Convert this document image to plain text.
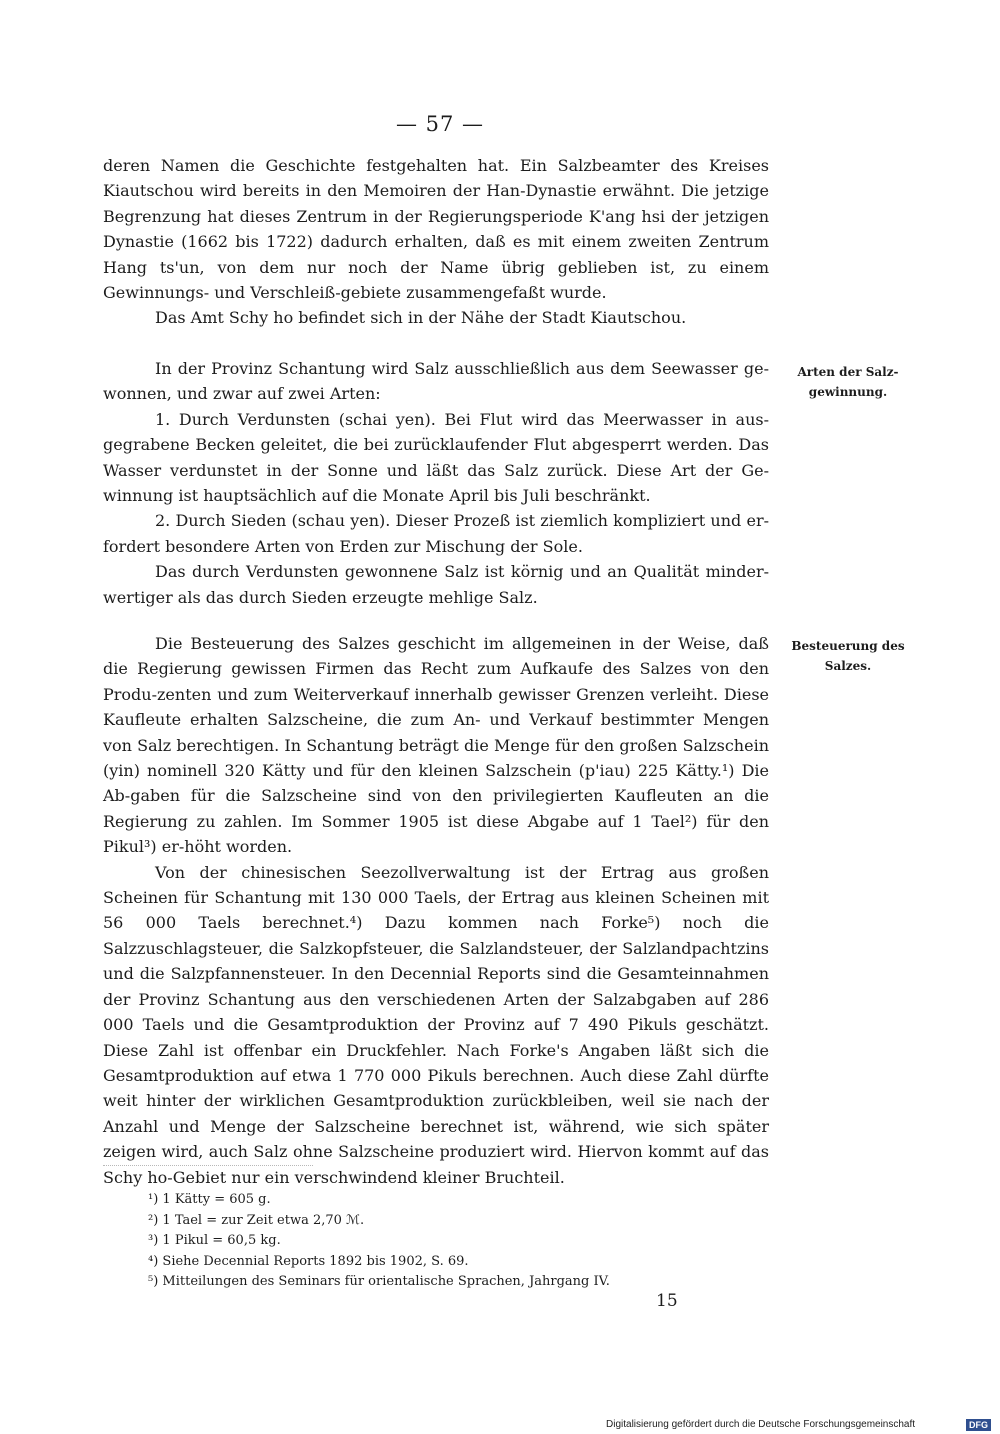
— 57 —

deren Namen die Geschichte festgehalten hat. Ein Salzbeamter des Kreises Kiautschou wird bereits in den Memoiren der Han-Dynastie erwähnt. Die jetzige Begrenzung hat dieses Zentrum in der Regierungsperiode K'ang hsi der jetzigen Dynastie (1662 bis 1722) dadurch erhalten, daß es mit einem zweiten Zentrum Hang ts'un, von dem nur noch der Name übrig geblieben ist, zu einem Gewinnungs- und Verschleiß-gebiete zusammengefaßt wurde.

Das Amt Schy ho befindet sich in der Nähe der Stadt Kiautschou.

In der Provinz Schantung wird Salz ausschließlich aus dem Seewasser ge-wonnen, und zwar auf zwei Arten:

1. Durch Verdunsten (schai yen). Bei Flut wird das Meerwasser in aus-gegrabene Becken geleitet, die bei zurücklaufender Flut abgesperrt werden. Das Wasser verdunstet in der Sonne und läßt das Salz zurück. Diese Art der Ge-winnung ist hauptsächlich auf die Monate April bis Juli beschränkt.

2. Durch Sieden (schau yen). Dieser Prozeß ist ziemlich kompliziert und er-fordert besondere Arten von Erden zur Mischung der Sole.

Das durch Verdunsten gewonnene Salz ist körnig und an Qualität minder-wertiger als das durch Sieden erzeugte mehlige Salz.

Arten der Salz-gewinnung.

Die Besteuerung des Salzes geschicht im allgemeinen in der Weise, daß die Regierung gewissen Firmen das Recht zum Aufkaufe des Salzes von den Produ-zenten und zum Weiterverkauf innerhalb gewisser Grenzen verleiht. Diese Kaufleute erhalten Salzscheine, die zum An- und Verkauf bestimmter Mengen von Salz berechtigen. In Schantung beträgt die Menge für den großen Salzschein (yin) nominell 320 Kätty und für den kleinen Salzschein (p'iau) 225 Kätty.¹) Die Ab-gaben für die Salzscheine sind von den privilegierten Kaufleuten an die Regierung zu zahlen. Im Sommer 1905 ist diese Abgabe auf 1 Tael²) für den Pikul³) er-höht worden.

Von der chinesischen Seezollverwaltung ist der Ertrag aus großen Scheinen für Schantung mit 130 000 Taels, der Ertrag aus kleinen Scheinen mit 56 000 Taels berechnet.⁴) Dazu kommen nach Forke⁵) noch die Salzzuschlagsteuer, die Salzkopfsteuer, die Salzlandsteuer, der Salzlandpachtzins und die Salzpfannensteuer. In den Decennial Reports sind die Gesamteinnahmen der Provinz Schantung aus den verschiedenen Arten der Salzabgaben auf 286 000 Taels und die Gesamtproduktion der Provinz auf 7 490 Pikuls geschätzt. Diese Zahl ist offenbar ein Druckfehler. Nach Forke's Angaben läßt sich die Gesamtproduktion auf etwa 1 770 000 Pikuls berechnen. Auch diese Zahl dürfte weit hinter der wirklichen Gesamtproduktion zurückbleiben, weil sie nach der Anzahl und Menge der Salzscheine berechnet ist, während, wie sich später zeigen wird, auch Salz ohne Salzscheine produziert wird. Hiervon kommt auf das Schy ho-Gebiet nur ein verschwindend kleiner Bruchteil.

Besteuerung des Salzes.
¹) 1 Kätty = 605 g.
²) 1 Tael = zur Zeit etwa 2,70 ℳ.
³) 1 Pikul = 60,5 kg.
⁴) Siehe Decennial Reports 1892 bis 1902, S. 69.
⁵) Mitteilungen des Seminars für orientalische Sprachen, Jahrgang IV.
15
Digitalisierung gefördert durch die Deutsche Forschungsgemeinschaft	DFG
